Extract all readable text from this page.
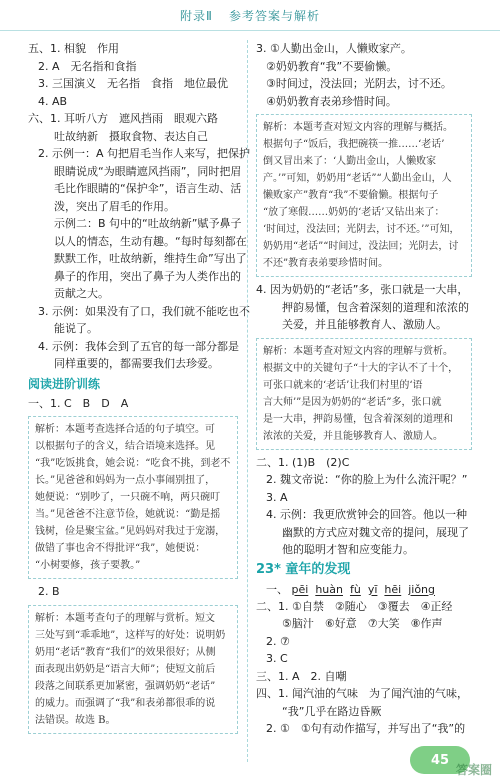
附录Ⅱ 参考答案与解析
五、1. 相貌　作用
2. A　无名指和食指
3. 三国演义　无名指　食指　地位最优
4. AB
六、1. 耳听八方　遮风挡雨　眼观六路
吐故纳新　摄取食物、表达自己
2. 示例一：A 句把眉毛当作人来写，把保护
眼睛说成“为眼睛遮风挡雨”，同时把眉
毛比作眼睛的“保护伞”，语言生动、活
泼，突出了眉毛的作用。
示例二：B 句中的“吐故纳新”赋予鼻子
以人的情态，生动有趣。“每时每刻都在
默默工作，吐故纳新，维持生命”写出了
鼻子的作用，突出了鼻子为人类作出的
贡献之大。
3. 示例：如果没有了口，我们就不能吃也不
能说了。
4. 示例：我体会到了五官的每一部分都是
同样重要的，都需要我们去珍爱。
阅读进阶训练
一、1. C　B　D　A
解析：本题考查选择合适的句子填空。可
以根据句子的含义，结合语境来选择。见
“我”吃饭挑食，她会说：“吃食不挑，到老不
长。”见爸爸和妈妈为一点小事闹别扭了，
她便说：“别吵了，一只碗不响，两只碗叮
当。”见爸爸不注意节俭，她就说：“勤是摇
钱树，俭是聚宝盆。”见妈妈对我过于宠溺，
做错了事也舍不得批评“我”，她便说：
“小树要修，孩子要教。”
2. B
解析：本题考查句子的理解与赏析。短文
三处写到“乖乖地”，这样写的好处：说明奶
奶用“老话”教育“我们”的效果很好；从侧
面表现出奶奶是“语言大师”；使短文前后
段落之间联系更加紧密，强调奶奶“老话”
的威力。而强调了“我”和表弟都很乖的说
法错误。故选 B。
3. ①人勤出金山，人懒败家产。
②奶奶教育“我”不要偷懒。
③时间过，没法回；光阴去，讨不还。
④奶奶教育表弟珍惜时间。
解析：本题考查对短文内容的理解与概括。
根据句子“饭后，我把碗筷一推……‘老话’
倒又冒出来了：‘人勤出金山，人懒败家
产。’”可知，奶奶用“老话”“人勤出金山，人
懒败家产”教育“我”不要偷懒。根据句子
“放了寒假……奶奶的‘老话’又钻出来了：
‘时间过，没法回；光阴去，讨不还。’”可知，
奶奶用“老话”“时间过，没法回；光阴去，讨
不还”教育表弟要珍惜时间。
4. 因为奶奶的“老话”多，张口就是一大串，
押韵易懂，包含着深刻的道理和浓浓的
关爱，并且能够教育人、激励人。
解析：本题考查对短文内容的理解与赏析。
根据文中的关键句子“十大的字认不了十个，
可张口就来的‘老话’让我们村里的‘语
言大师’”是因为奶奶的“老话”多，张口就
是一大串，押韵易懂，包含着深刻的道理和
浓浓的关爱，并且能够教育人、激励人。
二、1. (1)B　(2)C
2. 魏文帝说：“你的脸上为什么流汗呢？”
3. A
4. 示例：我更欣赏钟会的回答。他以一种
幽默的方式应对魏文帝的提问，展现了
他的聪明才智和应变能力。
23* 童年的发现
一、 pēi huàn fù yī hēi jiǒng
二、1. ①自禁　②随心　③覆去　④正经
⑤脑汁　⑥好意　⑦大笑　⑧作声
2. ⑦
3. C
三、1. A　2. 自嘲
四、1. 闻汽油的气味　为了闻汽油的气味，
“我”几乎在路边昏厥
2. ①　①句有动作描写，并写出了“我”的
45
答案圈
